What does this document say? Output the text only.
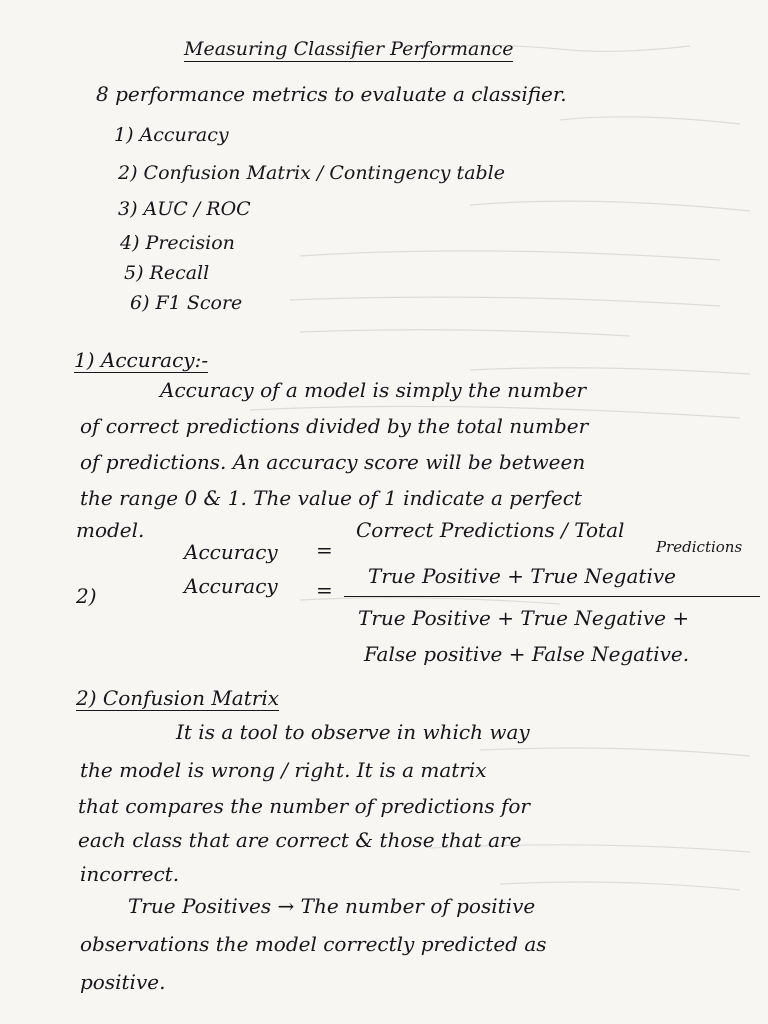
Measuring Classifier Performance
8 performance metrics to evaluate a classifier.
1) Accuracy
2) Confusion Matrix / Contingency table
3) AUC / ROC
4) Precision
5) Recall
6) F1 Score
1) Accuracy:-
Accuracy of a model is simply the number
of correct predictions divided by the total number
of predictions. An accuracy score will be between
the range 0 & 1. The value of 1 indicate a perfect
model.
Accuracy =
Correct Predictions / Total
Predictions
2)	Accuracy =
True Positive + True Negative
True Positive + True Negative +
False positive + False Negative.
2) Confusion Matrix
It is a tool to observe in which way
the model is wrong / right. It is a matrix
that compares the number of predictions for
each class that are correct & those that are
incorrect.
True Positives → The number of positive
observations the model correctly predicted as
positive.
